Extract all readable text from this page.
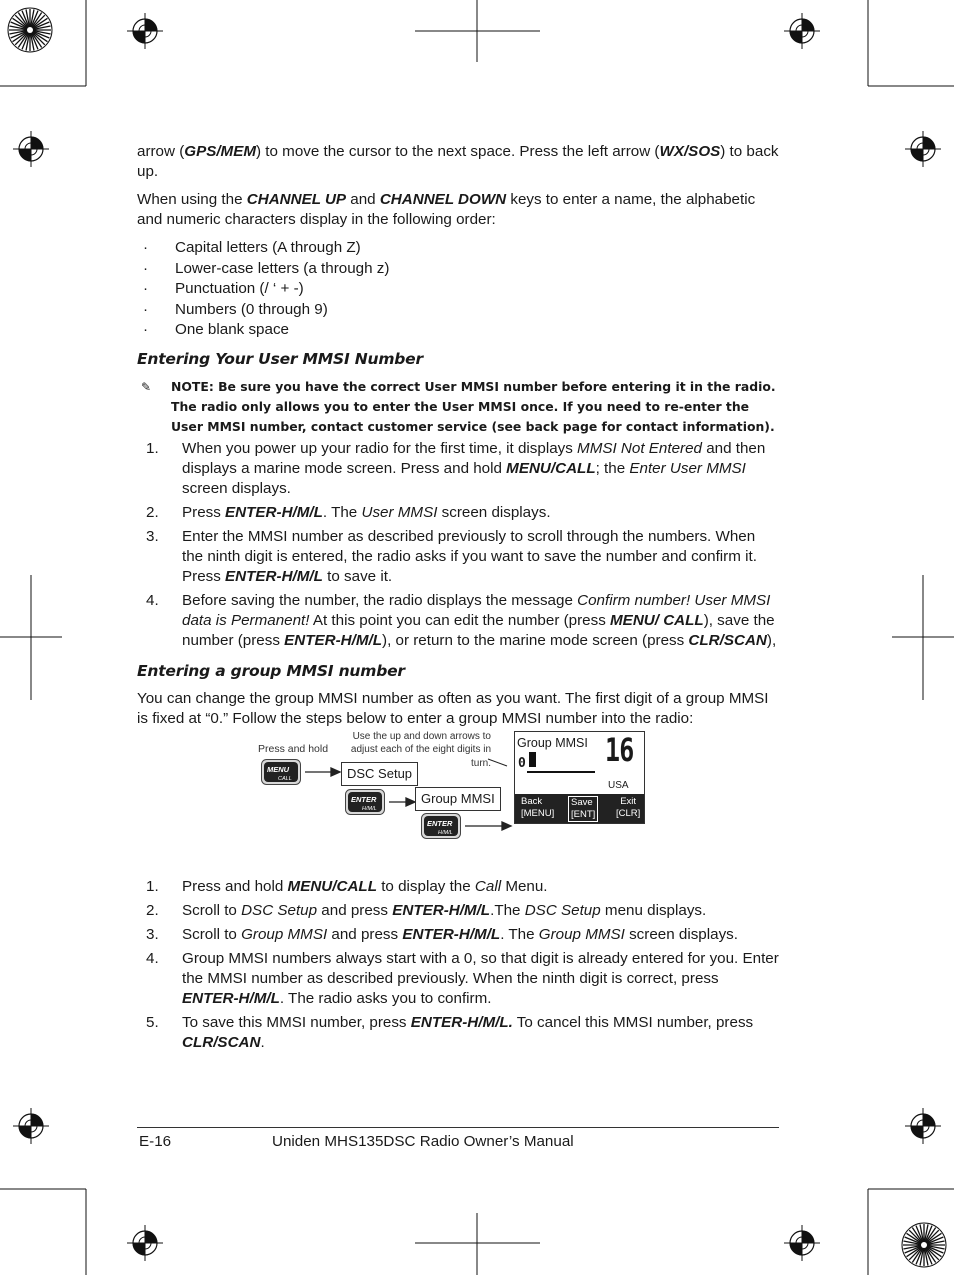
arrow (GPS/MEM) to move the cursor to the next space. Press the left arrow (WX/SOS) to back up.

When using the CHANNEL UP and CHANNEL DOWN keys to enter a name, the alphabetic and numeric characters display in the following order:

· Capital letters (A through Z)
· Lower-case letters (a through z)
· Punctuation (/ ‘ + -)
· Numbers (0 through 9)
· One blank space
Entering Your User MMSI Number
✎ NOTE: Be sure you have the correct User MMSI number before entering it in the radio. The radio only allows you to enter the User MMSI once. If you need to re-enter the User MMSI number, contact customer service (see back page for contact information).
1. When you power up your radio for the first time, it displays MMSI Not Entered and then displays a marine mode screen. Press and hold MENU/CALL; the Enter User MMSI screen displays.
2. Press ENTER-H/M/L. The User MMSI screen displays.
3. Enter the MMSI number as described previously to scroll through the numbers. When the ninth digit is entered, the radio asks if you want to save the number and confirm it. Press ENTER-H/M/L to save it.
4. Before saving the number, the radio displays the message Confirm number! User MMSI data is Permanent! At this point you can edit the number (press MENU/ CALL), save the number (press ENTER-H/M/L), or return to the marine mode screen (press CLR/SCAN),
Entering a group MMSI number

You can change the group MMSI number as often as you want. The first digit of a group MMSI is fixed at “0.” Follow the steps below to enter a group MMSI number into the radio:

Press and hold
Use the up and down arrows to adjust each of the eight digits in turn.
MENU
CALL
ENTER
H/M/L
ENTER
H/M/L
DSC Setup
Group MMSI
Group MMSI
0 16
USA
Back
[MENU]
Save
[ENT]
Exit
[CLR]
1. Press and hold MENU/CALL to display the Call Menu.
2. Scroll to DSC Setup and press ENTER-H/M/L.The DSC Setup menu displays.
3. Scroll to Group MMSI and press ENTER-H/M/L. The Group MMSI screen displays.
4. Group MMSI numbers always start with a 0, so that digit is already entered for you. Enter the MMSI number as described previously. When the ninth digit is correct, press ENTER-H/M/L. The radio asks you to confirm.
5. To save this MMSI number, press ENTER-H/M/L. To cancel this MMSI number, press CLR/SCAN.
E-16	Uniden MHS135DSC Radio Owner’s Manual
